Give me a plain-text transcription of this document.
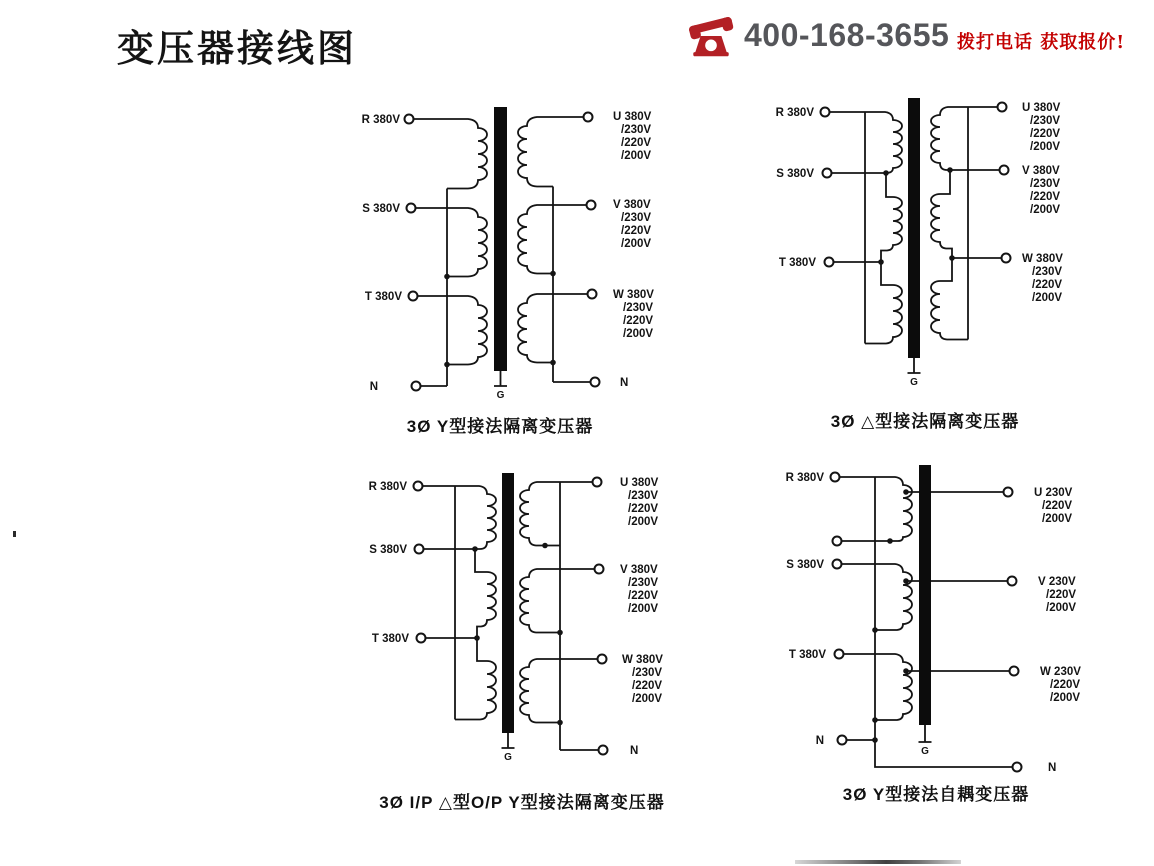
变压器接线图	400-168-3655 拨打电话 获取报价!
G
R 380V
S 380V
T 380V
N
U 380V
/230V
/220V
/200V
V 380V
/230V
/220V
/200V
W 380V
/230V
/220V
/200V
N
3Ø Y型接法隔离变压器
G
R 380V
S 380V
T 380V
U 380V
/230V
/220V
/200V
V 380V
/230V
/220V
/200V
W 380V
/230V
/220V
/200V
3Ø △型接法隔离变压器
G
R 380V
S 380V
T 380V
U 380V
/230V
/220V
/200V
V 380V
/230V
/220V
/200V
W 380V
/230V
/220V
/200V
N
3Ø I/P △型O/P Y型接法隔离变压器
G
R 380V
S 380V
T 380V
N
U 230V
/220V
/200V
V 230V
/220V
/200V
W 230V
/220V
/200V
N
3Ø Y型接法自耦变压器
